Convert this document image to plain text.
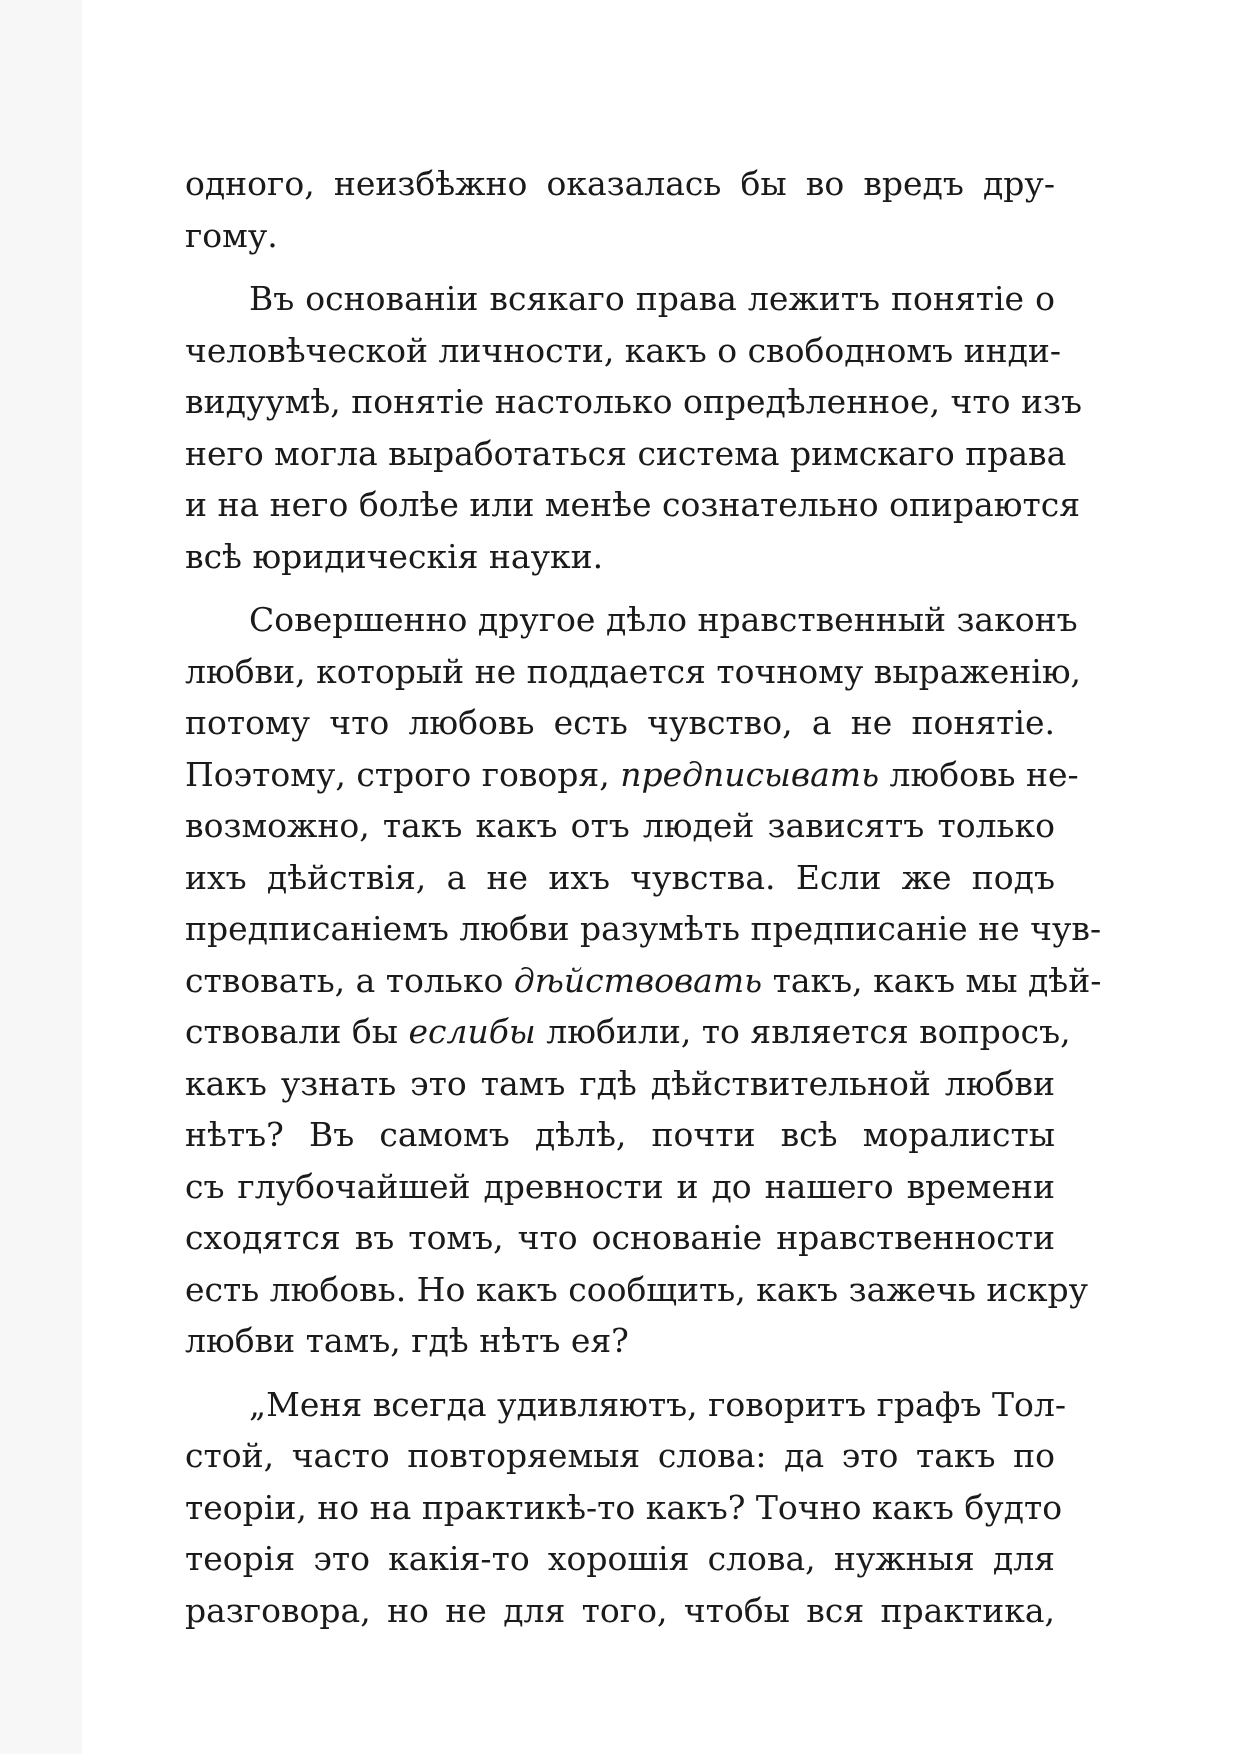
одного, неизбѣжно оказалась бы во вредъ дру-
гому.
Въ основанiи всякаго права лежитъ понятiе о
человѣческой личности, какъ о свободномъ инди-
видуумѣ, понятiе настолько опредѣленное, что изъ
него могла выработаться система римскаго права
и на него болѣе или менѣе сознательно опираются
всѣ юридическiя науки.
Совершенно другое дѣло нравственный законъ
любви, который не поддается точному выраженiю,
потому что любовь есть чувство, а не понятiе.
Поэтому, строго говоря, предписывать любовь не-
возможно, такъ какъ отъ людей зависятъ только
ихъ дѣйствiя, а не ихъ чувства. Если же подъ
предписанiемъ любви разумѣть предписанiе не чув-
ствовать, а только дѣйствовать такъ, какъ мы дѣй-
ствовали бы еслибы любили, то является вопросъ,
какъ узнать это тамъ гдѣ дѣйствительной любви
нѣтъ? Въ самомъ дѣлѣ, почти всѣ моралисты
съ глубочайшей древности и до нашего времени
сходятся въ томъ, что основанiе нравственности
есть любовь. Но какъ сообщить, какъ зажечь искру
любви тамъ, гдѣ нѣтъ ея?
„Меня всегда удивляютъ, говоритъ графъ Тол-
стой, часто повторяемыя слова: да это такъ по
теорiи, но на практикѣ-то какъ? Точно какъ будто
теорiя это какiя-то хорошiя слова, нужныя для
разговора, но не для того, чтобы вся практика,
